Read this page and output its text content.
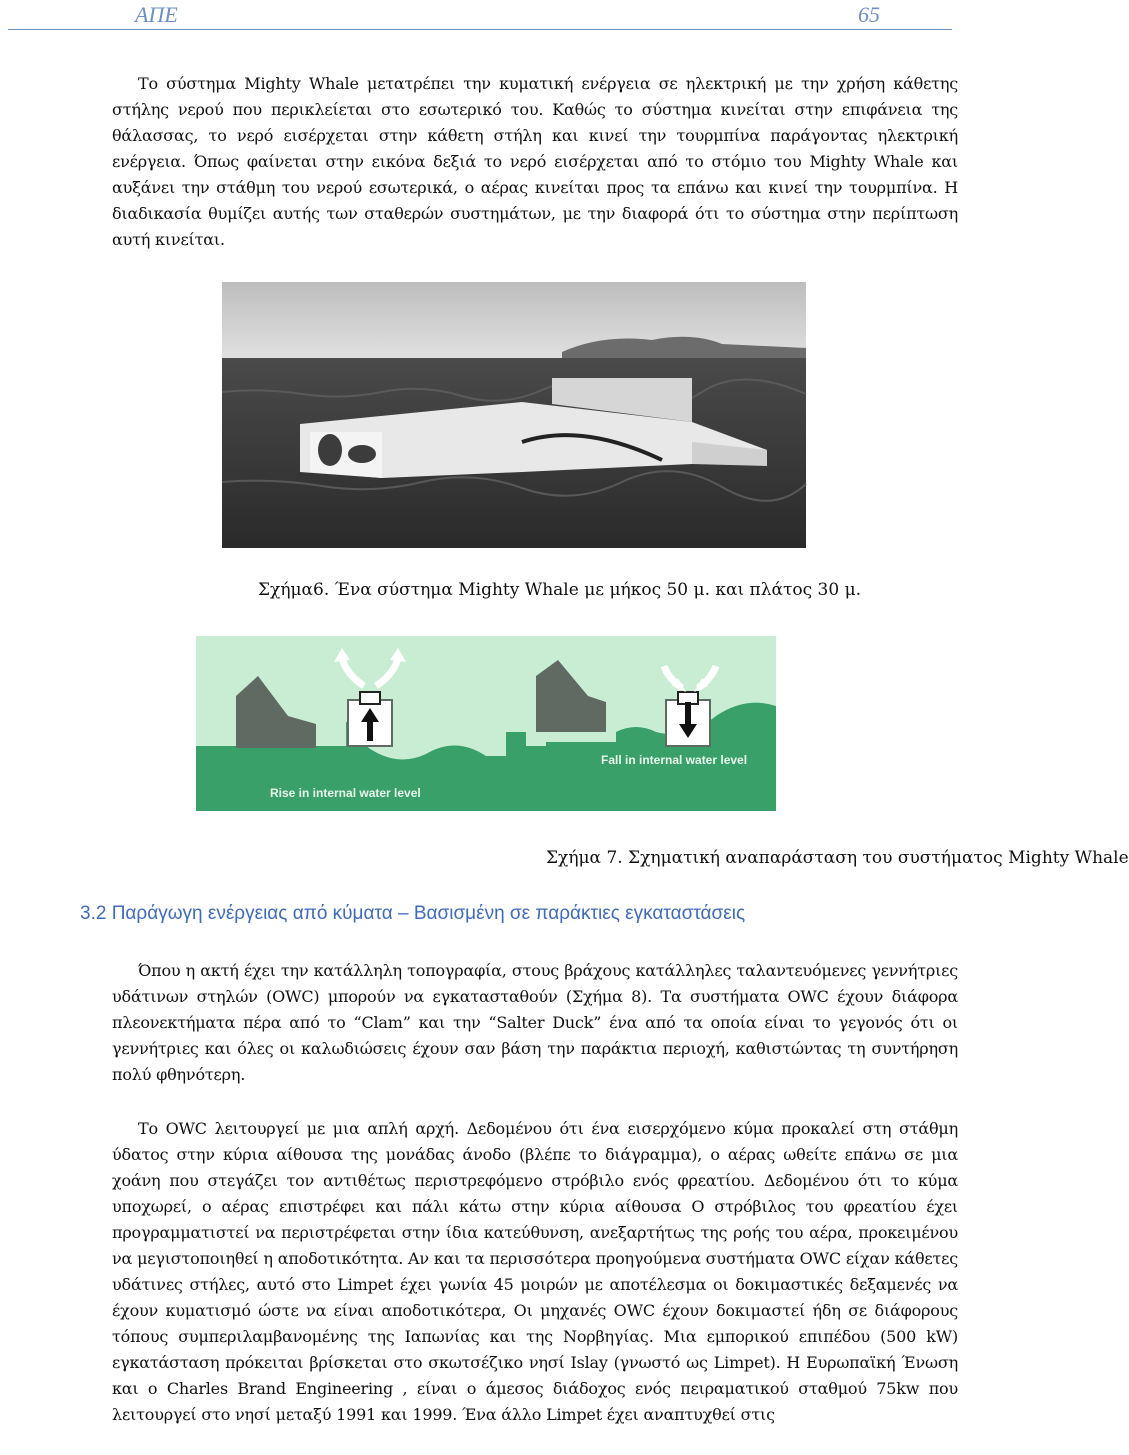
ΑΠΕ	65
Το σύστημα Mighty Whale μετατρέπει την κυματική ενέργεια σε ηλεκτρική με την χρήση κάθετης στήλης νερού που περικλείεται στο εσωτερικό του. Καθώς το σύστημα κινείται στην επιφάνεια της θάλασσας, το νερό εισέρχεται στην κάθετη στήλη και κινεί την τουρμπίνα παράγοντας ηλεκτρική ενέργεια. Όπως φαίνεται στην εικόνα δεξιά το νερό εισέρχεται από το στόμιο του Mighty Whale και αυξάνει την στάθμη του νερού εσωτερικά, ο αέρας κινείται προς τα επάνω και κινεί την τουρμπίνα. Η διαδικασία θυμίζει αυτής των σταθερών συστημάτων, με την διαφορά ότι το σύστημα στην περίπτωση αυτή κινείται.
Σχήμα6. Ένα σύστημα Mighty Whale με μήκος 50 μ. και πλάτος 30 μ.
Rise in internal water level
Fall in internal water level
Σχήμα 7. Σχηματική αναπαράσταση του συστήματος Mighty Whale
3.2 Παράγωγη ενέργειας από κύματα – Βασισμένη σε παράκτιες εγκαταστάσεις
Όπου η ακτή έχει την κατάλληλη τοπογραφία, στους βράχους κατάλληλες ταλαντευόμενες γεννήτριες υδάτινων στηλών (OWC) μπορούν να εγκατασταθούν (Σχήμα 8). Τα συστήματα OWC έχουν διάφορα πλεονεκτήματα πέρα από το “Clam” και την “Salter Duck” ένα από τα οποία είναι το γεγονός ότι οι γεννήτριες και όλες οι καλωδιώσεις έχουν σαν βάση την παράκτια περιοχή, καθιστώντας τη συντήρηση πολύ φθηνότερη.
Το OWC λειτουργεί με μια απλή αρχή. Δεδομένου ότι ένα εισερχόμενο κύμα προκαλεί στη στάθμη ύδατος στην κύρια αίθουσα της μονάδας άνοδο (βλέπε το διάγραμμα), ο αέρας ωθείτε επάνω σε μια χοάνη που στεγάζει τον αντιθέτως περιστρεφόμενο στρόβιλο ενός φρεατίου. Δεδομένου ότι το κύμα υποχωρεί, ο αέρας επιστρέφει και πάλι κάτω στην κύρια αίθουσα Ο στρόβιλος του φρεατίου έχει προγραμματιστεί να περιστρέφεται στην ίδια κατεύθυνση, ανεξαρτήτως της ροής του αέρα, προκειμένου να μεγιστοποιηθεί η αποδοτικότητα. Αν και τα περισσότερα προηγούμενα συστήματα OWC είχαν κάθετες υδάτινες στήλες, αυτό στο Limpet έχει γωνία 45 μοιρών με αποτέλεσμα οι δοκιμαστικές δεξαμενές να έχουν κυματισμό ώστε να είναι αποδοτικότερα, Οι μηχανές OWC έχουν δοκιμαστεί ήδη σε διάφορους τόπους συμπεριλαμβανομένης της Ιαπωνίας και της Νορβηγίας. Μια εμπορικού επιπέδου (500 kW) εγκατάσταση πρόκειται βρίσκεται στο σκωτσέζικο νησί Islay (γνωστό ως Limpet). Η Ευρωπαϊκή Ένωση και ο Charles Brand Engineering , είναι ο άμεσος διάδοχος ενός πειραματικού σταθμού 75kw που λειτουργεί στο νησί μεταξύ 1991 και 1999. Ένα άλλο Limpet έχει αναπτυχθεί στις
